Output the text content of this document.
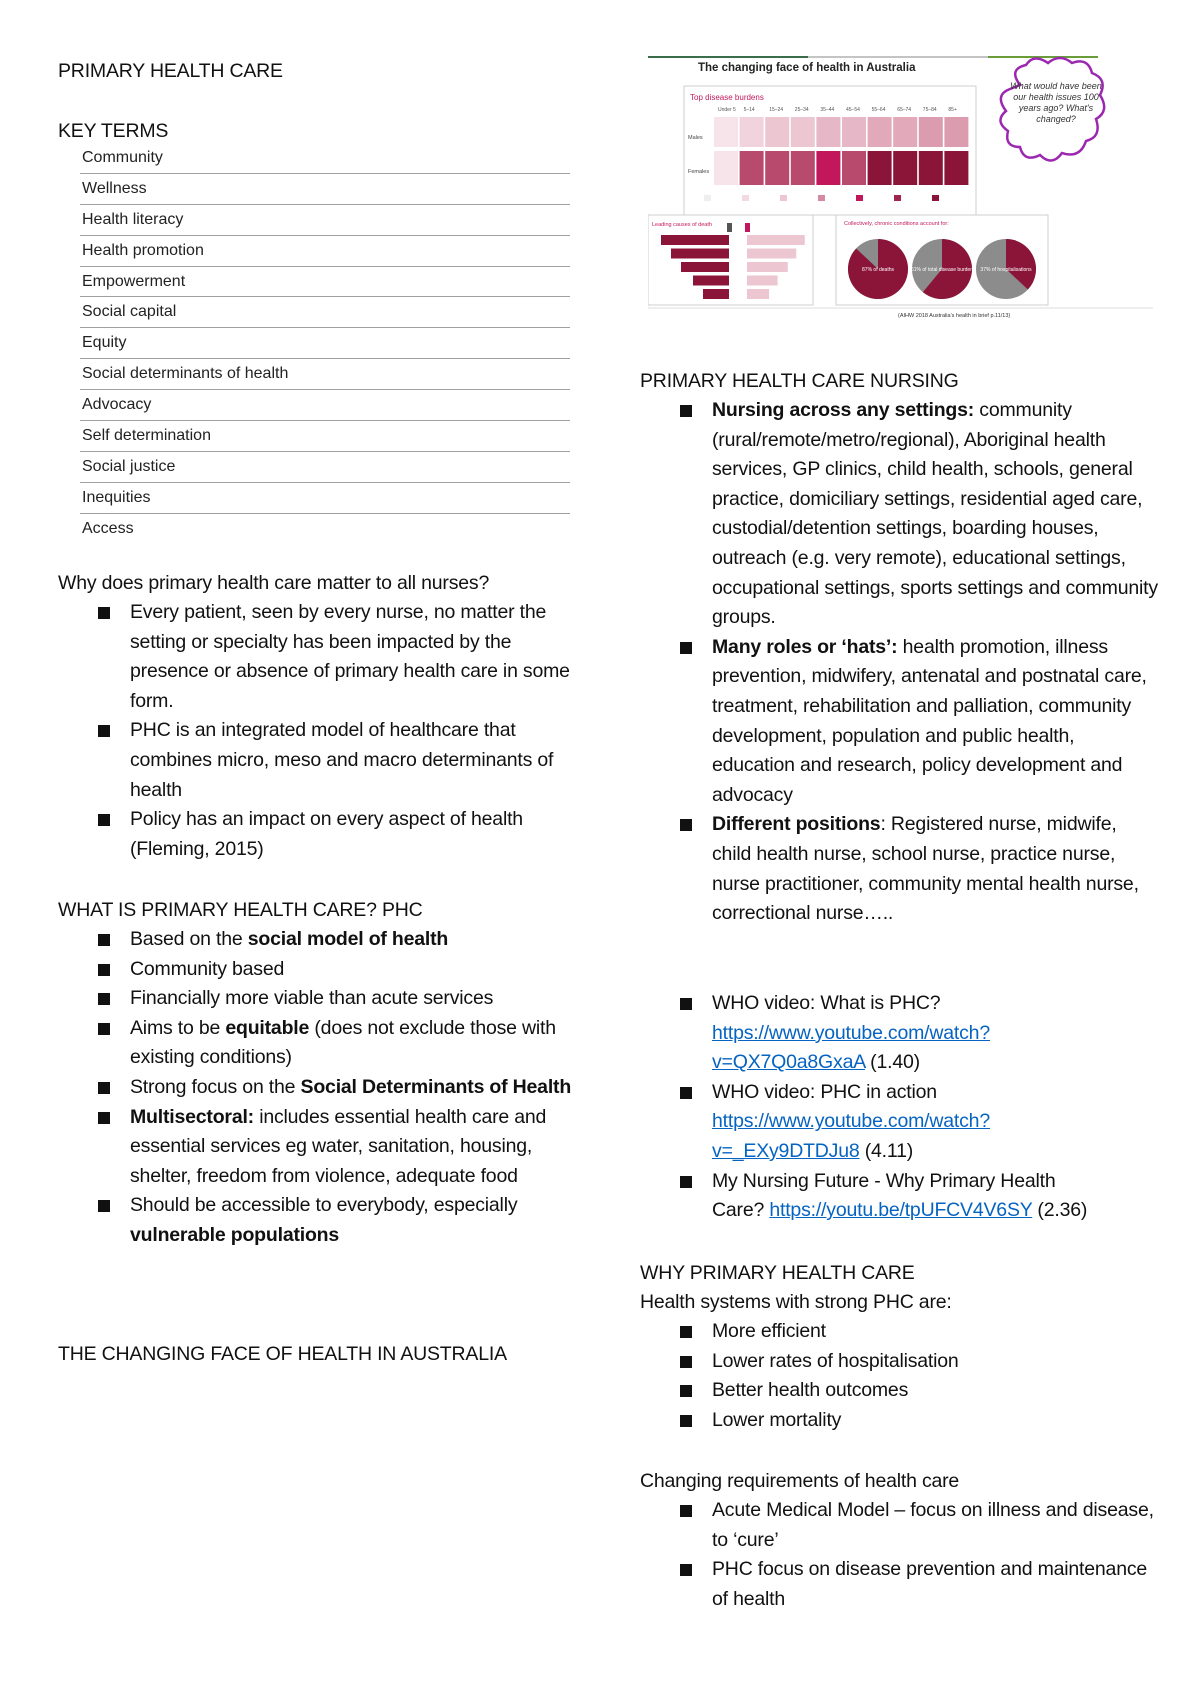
PRIMARY HEALTH CARE
KEY TERMS
Community
Wellness
Health literacy
Health promotion
Empowerment
Social capital
Equity
Social determinants of health
Advocacy
Self determination
Social justice
Inequities
Access
Why does primary health care matter to all nurses?
Every patient, seen by every nurse, no matter the setting or specialty has been impacted by the presence or absence of primary health care in some form.
PHC is an integrated model of healthcare that combines micro, meso and macro determinants of health
Policy has an impact on every aspect of health (Fleming, 2015)
WHAT IS PRIMARY HEALTH CARE? PHC
Based on the social model of health
Community based
Financially more viable than acute services
Aims to be equitable (does not exclude those with existing conditions)
Strong focus on the Social Determinants of Health
Multisectoral: includes essential health care and essential services eg water, sanitation, housing, shelter, freedom from violence, adequate food
Should be accessible to everybody, especially vulnerable populations
THE CHANGING FACE OF HEALTH IN AUSTRALIA
The changing face of health in Australia
Top disease burdens
Under 5 5–14	15–24 25–34 35–44 45–54 55–64 65–74 75–84 85+
Males
Females
What would have been our health issues 100 years ago? What's changed?
Leading causes of death	Collectively, chronic conditions account for:
87% of deaths	61% of total disease burden 37% of hospitalisations
(AIHW 2018 Australia's health in brief p.11/13)
PRIMARY HEALTH CARE NURSING
Nursing across any settings: community (rural/remote/metro/regional), Aboriginal health services, GP clinics, child health, schools, general practice, domiciliary settings, residential aged care, custodial/detention settings, boarding houses, outreach (e.g. very remote), educational settings, occupational settings, sports settings and community groups.
Many roles or ‘hats’: health promotion, illness prevention, midwifery, antenatal and postnatal care, treatment, rehabilitation and palliation, community development, population and public health, education and research, policy development and advocacy
Different positions: Registered nurse, midwife, child health nurse, school nurse, practice nurse, nurse practitioner, community mental health nurse, correctional nurse…..
WHO video: What is PHC?
https://www.youtube.com/watch?
v=QX7Q0a8GxaA (1.40)
WHO video: PHC in action
https://www.youtube.com/watch?
v=_EXy9DTDJu8 (4.11)
My Nursing Future - Why Primary Health
Care? https://youtu.be/tpUFCV4V6SY (2.36)
WHY PRIMARY HEALTH CARE
Health systems with strong PHC are:
More efficient
Lower rates of hospitalisation
Better health outcomes
Lower mortality
Changing requirements of health care
Acute Medical Model – focus on illness and disease, to ‘cure’
PHC focus on disease prevention and maintenance of health
